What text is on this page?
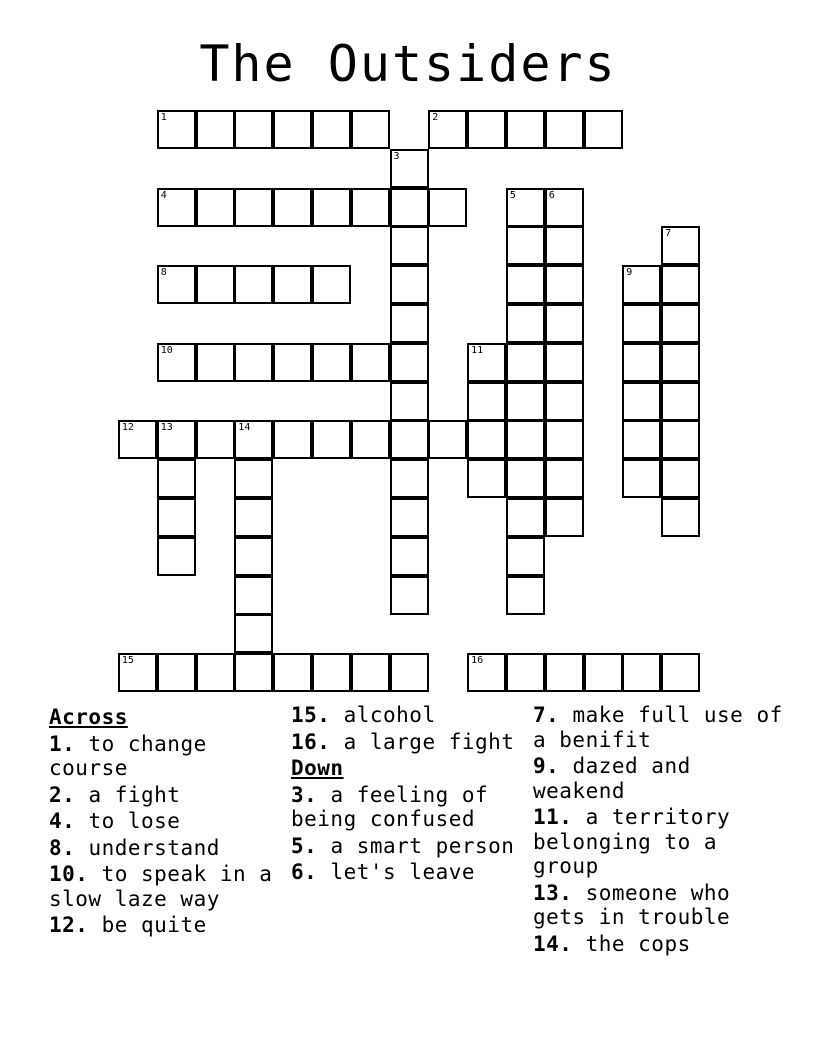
The Outsiders
1	2
3
4	5	6
7
8	9
10	11
12	13	14
15	16
Across
1. to change course
2. a fight
4. to lose
8. understand
10. to speak in a slow laze way
12. be quite
15. alcohol
16. a large fight
Down
3. a feeling of being confused
5. a smart person
6. let's leave
7. make full use of a benifit
9. dazed and weakend
11. a territory belonging to a group
13. someone who gets in trouble
14. the cops
